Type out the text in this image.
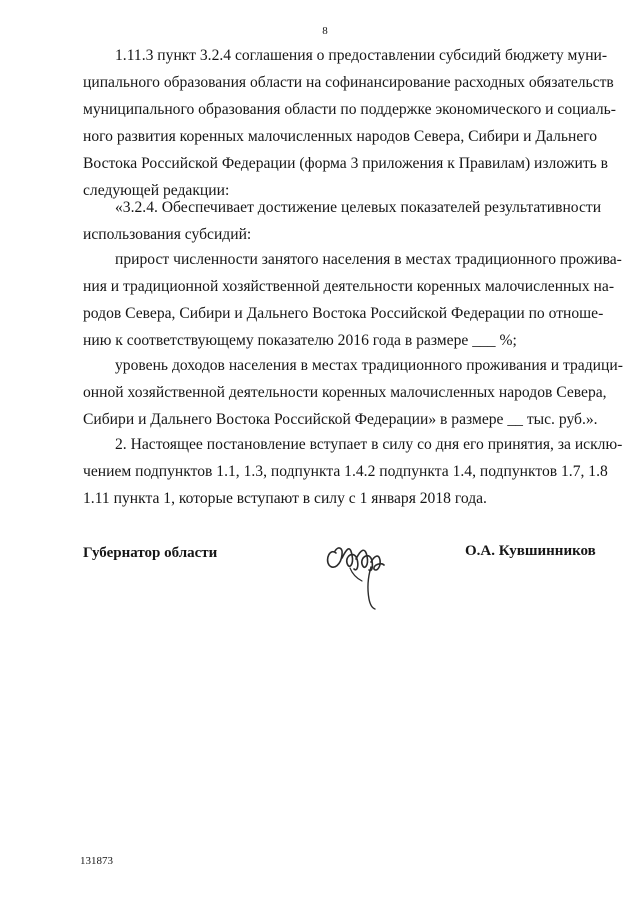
8
1.11.3 пункт 3.2.4 соглашения о предоставлении субсидий бюджету муни-
ципального образования области на софинансирование расходных обязательств
муниципального образования области по поддержке экономического и социаль-
ного развития коренных малочисленных народов Севера, Сибири и Дальнего
Востока Российской Федерации (форма 3 приложения к Правилам) изложить в
следующей редакции:
«3.2.4. Обеспечивает достижение целевых показателей результативности
использования субсидий:
прирост численности занятого населения в местах традиционного прожива-
ния и традиционной хозяйственной деятельности коренных малочисленных на-
родов Севера, Сибири и Дальнего Востока Российской Федерации по отноше-
нию к соответствующему показателю 2016 года в размере ___ %;
уровень доходов населения в местах традиционного проживания и традици-
онной хозяйственной деятельности коренных малочисленных народов Севера,
Сибири и Дальнего Востока Российской Федерации» в размере __ тыс. руб.».
2. Настоящее постановление вступает в силу со дня его принятия, за исклю-
чением подпунктов 1.1, 1.3, подпункта 1.4.2 подпункта 1.4, подпунктов 1.7, 1.8
1.11 пункта 1, которые вступают в силу с 1 января 2018 года.
Губернатор области	О.А. Кувшинников
131873
